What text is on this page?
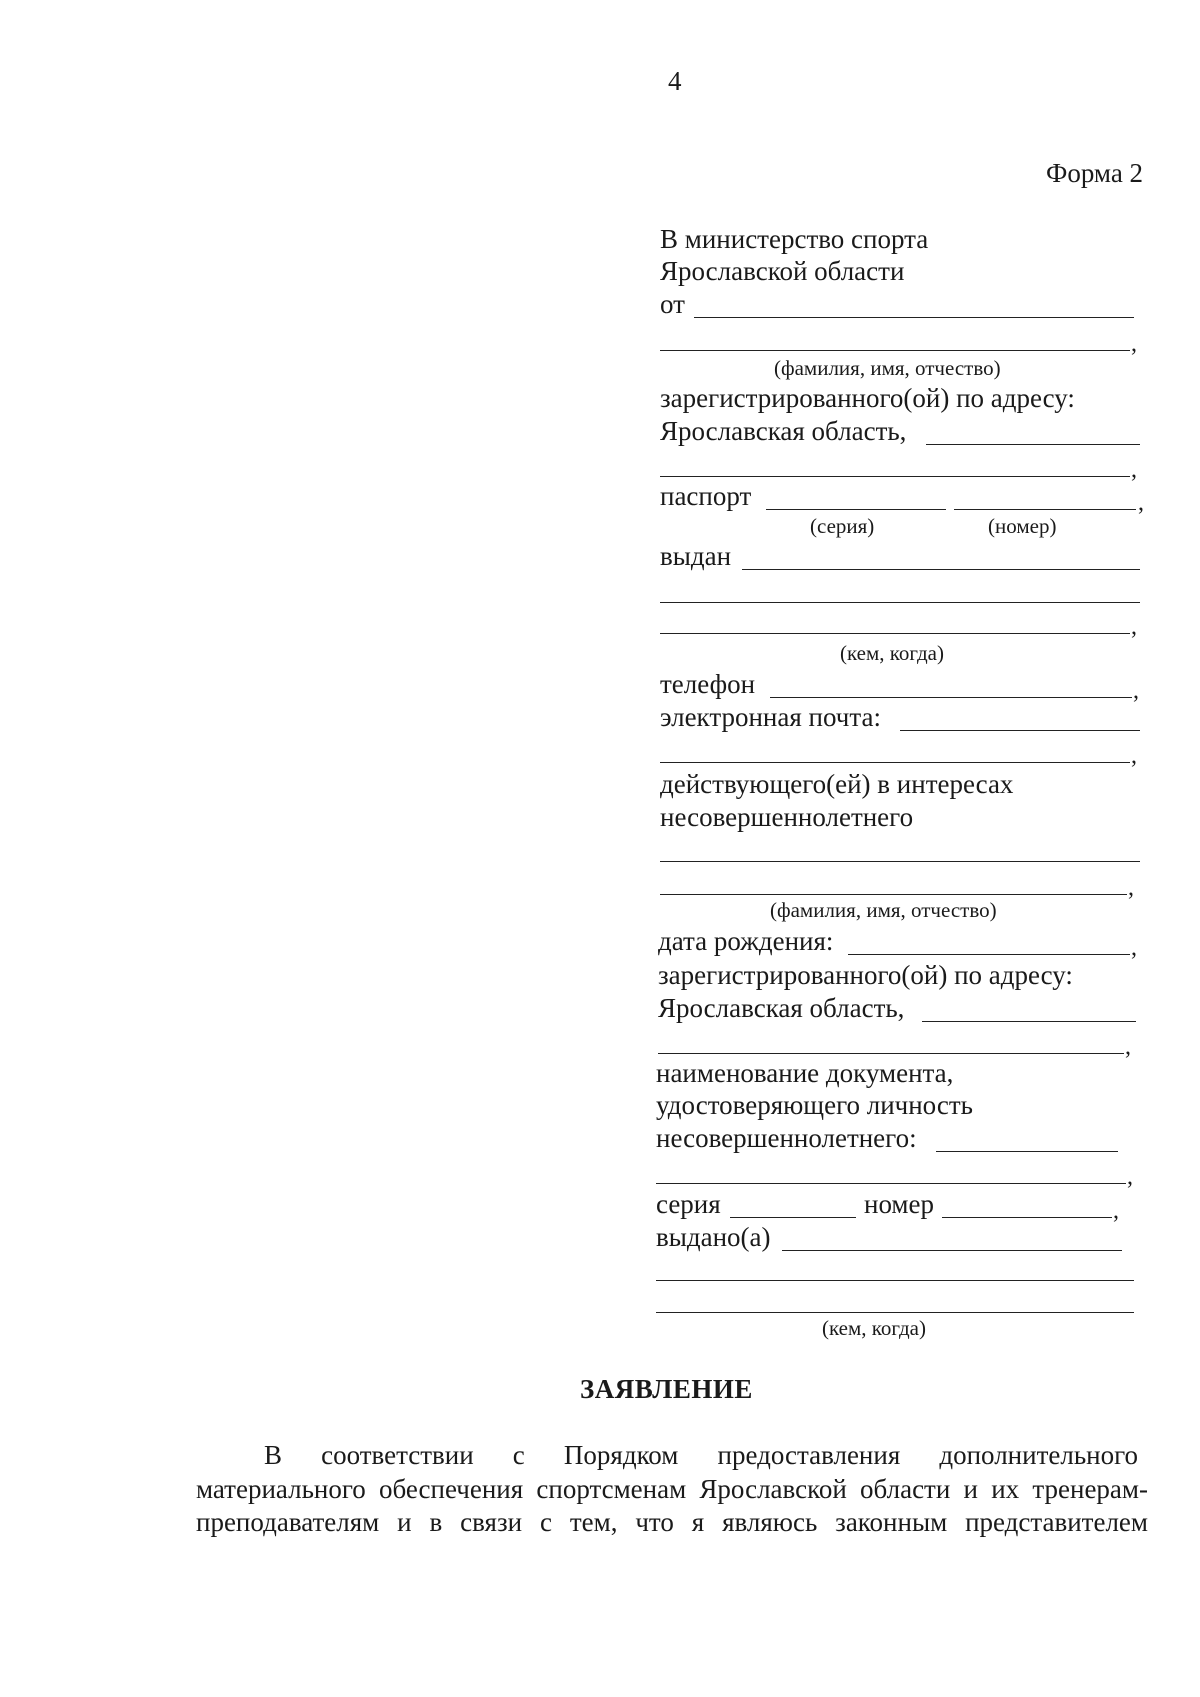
4
Форма 2
В министерство спорта
Ярославской области
от
,
(фамилия, имя, отчество)
зарегистрированного(ой) по адресу:
Ярославская область,
,
паспорт	,
(серия)	(номер)
выдан
,
(кем, когда)
телефон	,
электронная почта:
,
действующего(ей) в интересах
несовершеннолетнего
,
(фамилия, имя, отчество)
дата рождения:	,
зарегистрированного(ой) по адресу:
Ярославская область,
,
наименование документа,
удостоверяющего личность
несовершеннолетнего:
,
серия	номер	,
выдано(а)
(кем, когда)
ЗАЯВЛЕНИЕ
В соответствии с Порядком предоставления дополнительного
материального обеспечения спортсменам Ярославской области и их тренерам-
преподавателям и в связи с тем, что я являюсь законным представителем
